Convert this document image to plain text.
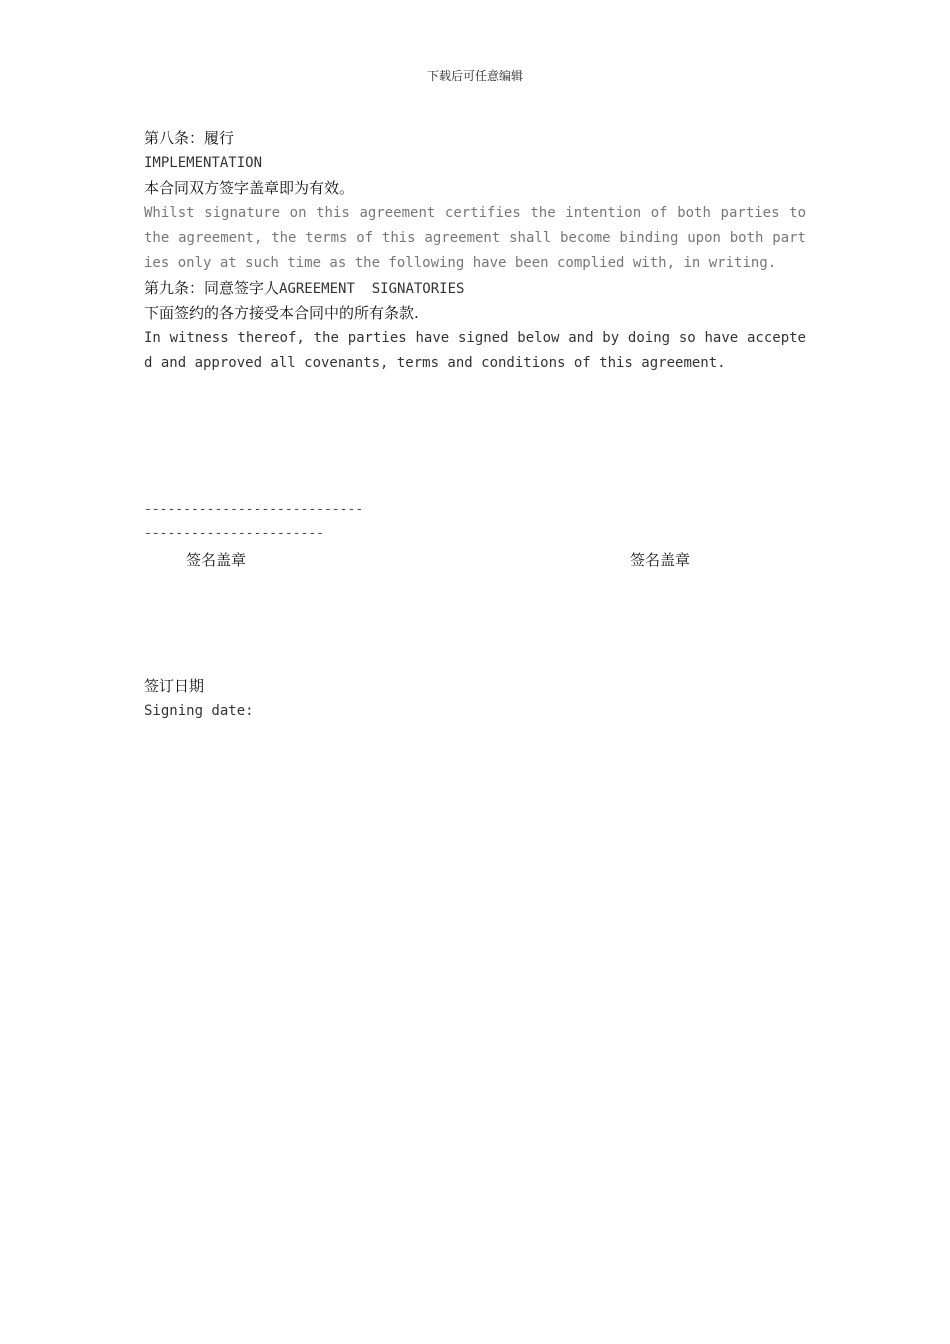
下载后可任意编辑
第八条：履行
IMPLEMENTATION
本合同双方签字盖章即为有效。
Whilst signature on this agreement certifies the intention of both parties to the agreement, the terms of this agreement shall become binding upon both parties only at such time as the following have been complied with, in writing.
第九条：同意签字人AGREEMENT  SIGNATORIES
下面签约的各方接受本合同中的所有条款.
In witness thereof, the parties have signed below and by doing so have accepted and approved all covenants, terms and conditions of this agreement.
----------------------------
-----------------------
签名盖章	签名盖章
签订日期
Signing date:
